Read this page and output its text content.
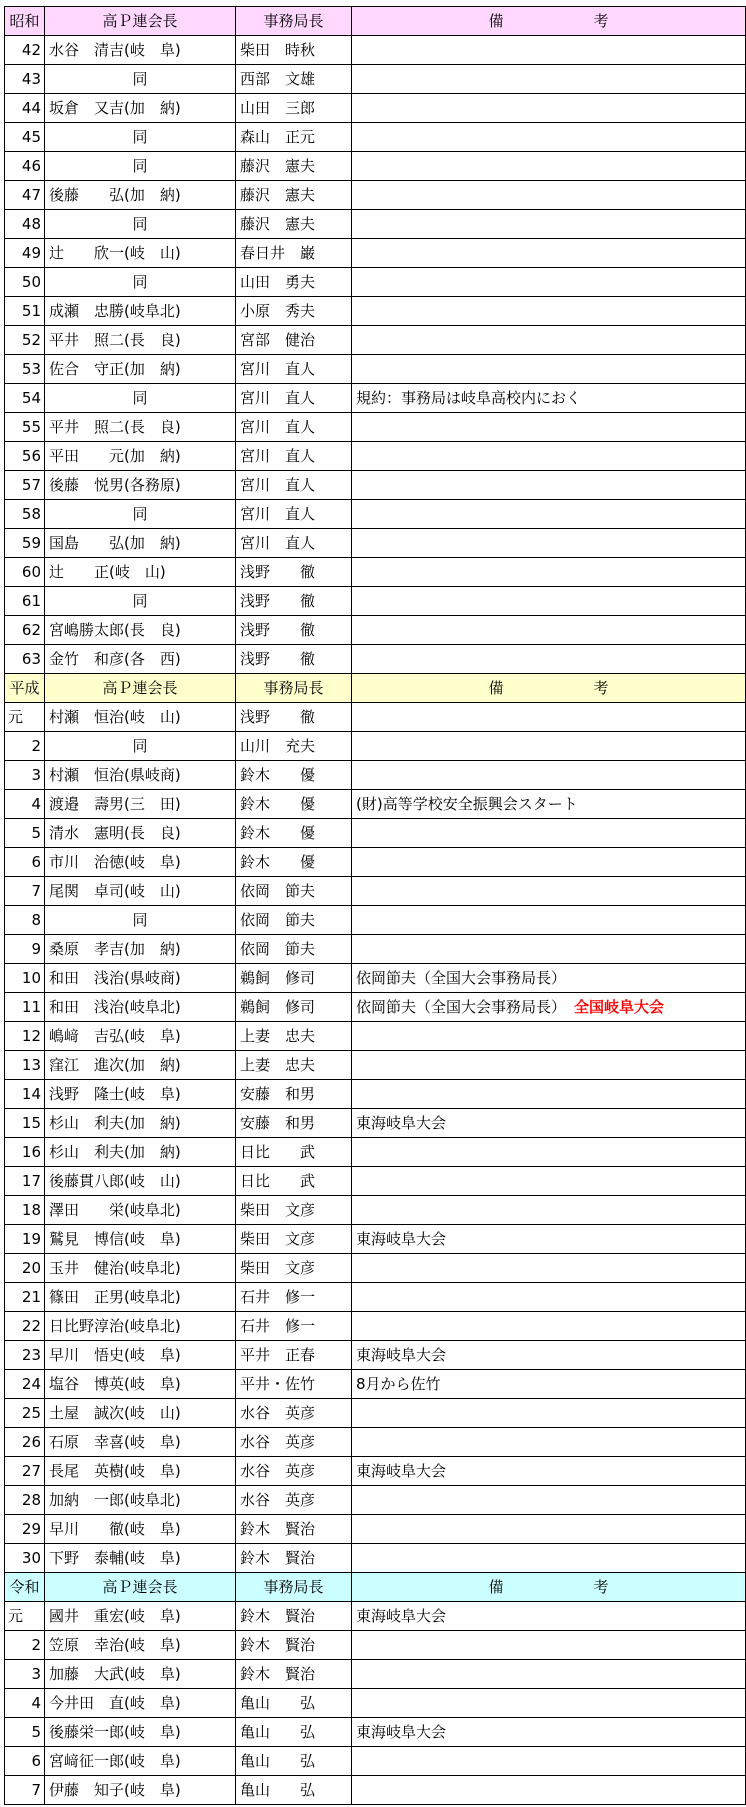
昭和	高Ｐ連会長	事務局長	備　　　　　　考
42	水谷　清吉(岐　阜)	柴田　時秋	
43	同	西部　文雄	
44	坂倉　又吉(加　納)	山田　三郎	
45	同	森山　正元	
46	同	藤沢　憲夫	
47	後藤　　弘(加　納)	藤沢　憲夫	
48	同	藤沢　憲夫	
49	辻　　欣一(岐　山)	春日井　巌	
50	同	山田　勇夫	
51	成瀬　忠勝(岐阜北)	小原　秀夫	
52	平井　照二(長　良)	宮部　健治	
53	佐合　守正(加　納)	宮川　直人	
54	同	宮川　直人	規約：事務局は岐阜高校内におく
55	平井　照二(長　良)	宮川　直人	
56	平田　　元(加　納)	宮川　直人	
57	後藤　悦男(各務原)	宮川　直人	
58	同	宮川　直人	
59	国島　　弘(加　納)	宮川　直人	
60	辻　　正(岐　山)	浅野　　徹	
61	同	浅野　　徹	
62	宮嶋勝太郎(長　良)	浅野　　徹	
63	金竹　和彦(各　西)	浅野　　徹	
平成	高Ｐ連会長	事務局長	備　　　　　　考
元	村瀬　恒治(岐　山)	浅野　　徹	
2	同	山川　充夫	
3	村瀬　恒治(県岐商)	鈴木　　優	
4	渡邉　壽男(三　田)	鈴木　　優	(財)高等学校安全振興会スタート
5	清水　憲明(長　良)	鈴木　　優	
6	市川　治徳(岐　阜)	鈴木　　優	
7	尾関　卓司(岐　山)	依岡　節夫	
8	同	依岡　節夫	
9	桑原　孝吉(加　納)	依岡　節夫	
10	和田　浅治(県岐商)	鵜飼　修司	依岡節夫（全国大会事務局長）
11	和田　浅治(岐阜北)	鵜飼　修司	依岡節夫（全国大会事務局長） 全国岐阜大会
12	嶋﨑　吉弘(岐　阜)	上妻　忠夫	
13	窪江　進次(加　納)	上妻　忠夫	
14	浅野　隆士(岐　阜)	安藤　和男	
15	杉山　利夫(加　納)	安藤　和男	東海岐阜大会
16	杉山　利夫(加　納)	日比　　武	
17	後藤貫八郎(岐　山)	日比　　武	
18	澤田　　栄(岐阜北)	柴田　文彦	
19	鷲見　博信(岐　阜)	柴田　文彦	東海岐阜大会
20	玉井　健治(岐阜北)	柴田　文彦	
21	篠田　正男(岐阜北)	石井　修一	
22	日比野淳治(岐阜北)	石井　修一	
23	早川　悟史(岐　阜)	平井　正春	東海岐阜大会
24	塩谷　博英(岐　阜)	平井・佐竹	8月から佐竹
25	土屋　誠次(岐　山)	水谷　英彦	
26	石原　幸喜(岐　阜)	水谷　英彦	
27	長尾　英樹(岐　阜)	水谷　英彦	東海岐阜大会
28	加納　一郎(岐阜北)	水谷　英彦	
29	早川　　徹(岐　阜)	鈴木　賢治	
30	下野　泰輔(岐　阜)	鈴木　賢治	
令和	高Ｐ連会長	事務局長	備　　　　　　考
元	國井　重宏(岐　阜)	鈴木　賢治	東海岐阜大会
2	笠原　幸治(岐　阜)	鈴木　賢治	
3	加藤　大武(岐　阜)	鈴木　賢治	
4	今井田　直(岐　阜)	亀山　　弘	
5	後藤栄一郎(岐　阜)	亀山　　弘	東海岐阜大会
6	宮﨑征一郎(岐　阜)	亀山　　弘	
7	伊藤　知子(岐　阜)	亀山　　弘	
